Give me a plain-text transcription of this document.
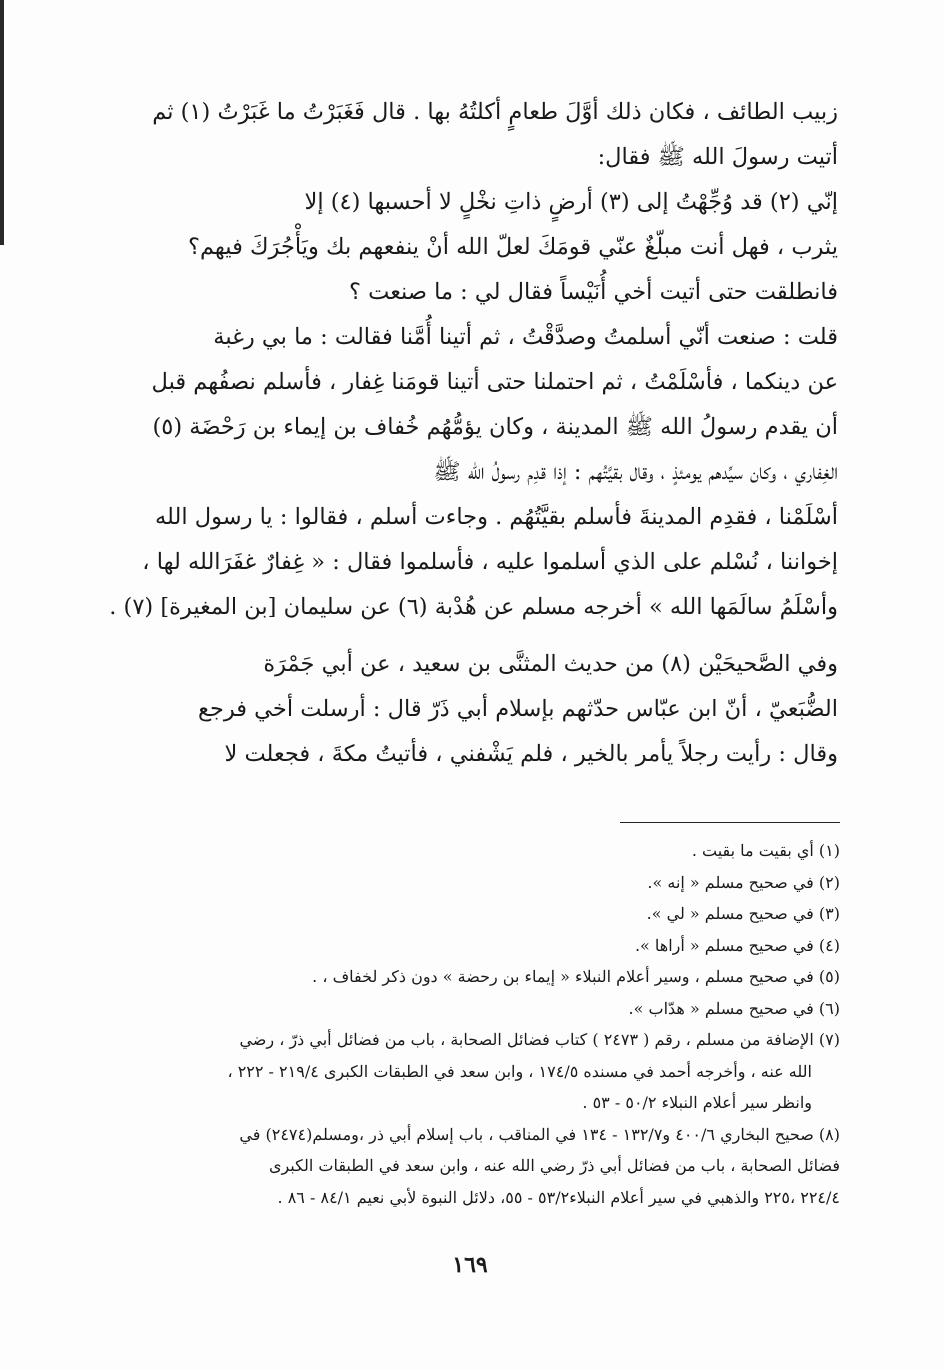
زبيب الطائف ، فكان ذلك أوَّلَ طعامٍ أكلتُهُ بها . قال فَغَبَرْتُ ما غَبَرْتُ (١) ثم
أتيت رسولَ الله ﷺ فقال:
إنّي (٢) قد وُجِّهْتُ إلى (٣) أرضٍ ذاتِ نخْلٍ لا أحسبها (٤) إلا
يثرب ، فهل أنت مبلّغٌ عنّي قومَكَ لعلّ الله أنْ ينفعهم بك ويَأْجُرَكَ فيهم؟
فانطلقت حتى أتيت أخي أُنَيْساً فقال لي : ما صنعت ؟
قلت : صنعت أنّي أسلمتُ وصدَّقْتُ ، ثم أتينا أُمَّنا فقالت : ما بي رغبة
عن دينكما ، فأسْلَمْتُ ، ثم احتملنا حتى أتينا قومَنا غِفار ، فأسلم نصفُهم قبل
أن يقدم رسولُ الله ﷺ المدينة ، وكان يؤمُّهُم خُفاف بن إيماء بن رَحْضَة (٥)
الغِفاري ، وكان سيِّدهم يومئذٍ ، وقال بقيَّتُهم : إذا قدِم رسولُ الله ﷺ
أسْلَمْنا ، فقدِم المدينةَ فأسلم بقيَّتُهُم . وجاءت أسلم ، فقالوا : يا رسول الله
إخواننا ، نُسْلم على الذي أسلموا عليه ، فأسلموا فقال : « غِفارٌ غفَرَالله لها ،
وأسْلَمُ سالَمَها الله » أخرجه مسلم عن هُدْبة (٦) عن سليمان [بن المغيرة] (٧) .
وفي الصَّحيحَيْن (٨) من حديث المثنَّى بن سعيد ، عن أبي جَمْرَة
الضُّبَعيّ ، أنّ ابن عبّاس حدّثهم بإسلام أبي ذَرّ قال : أرسلت أخي فرجع
وقال : رأيت رجلاً يأمر بالخير ، فلم يَشْفني ، فأتيتُ مكةَ ، فجعلت لا
(١) أي بقيت ما بقيت .
(٢) في صحيح مسلم « إنه ».
(٣) في صحيح مسلم « لي ».
(٤) في صحيح مسلم « أراها ».
(٥) في صحيح مسلم ، وسير أعلام النبلاء « إيماء بن رحضة » دون ذكر لخفاف ، .
(٦) في صحيح مسلم « هدّاب ».
(٧) الإضافة من مسلم ، رقم ( ٢٤٧٣ ) كتاب فضائل الصحابة ، باب من فضائل أبي ذرّ ، رضي
الله عنه ، وأخرجه أحمد في مسنده ١٧٤/٥ ، وابن سعد في الطبقات الكبرى ٢١٩/٤ - ٢٢٢ ،
وانظر سير أعلام النبلاء ٥٠/٢ - ٥٣ .
(٨) صحيح البخاري ٤٠٠/٦ و١٣٢/٧ - ١٣٤ في المناقب ، باب إسلام أبي ذر ،ومسلم(٢٤٧٤) في
فضائل الصحابة ، باب من فضائل أبي ذرّ رضي الله عنه ، وابن سعد في الطبقات الكبرى
٢٢٤/٤ ،٢٢٥ والذهبي في سير أعلام النبلاء٥٣/٢ - ٥٥، دلائل النبوة لأبي نعيم ٨٤/١ - ٨٦ .
١٦٩
